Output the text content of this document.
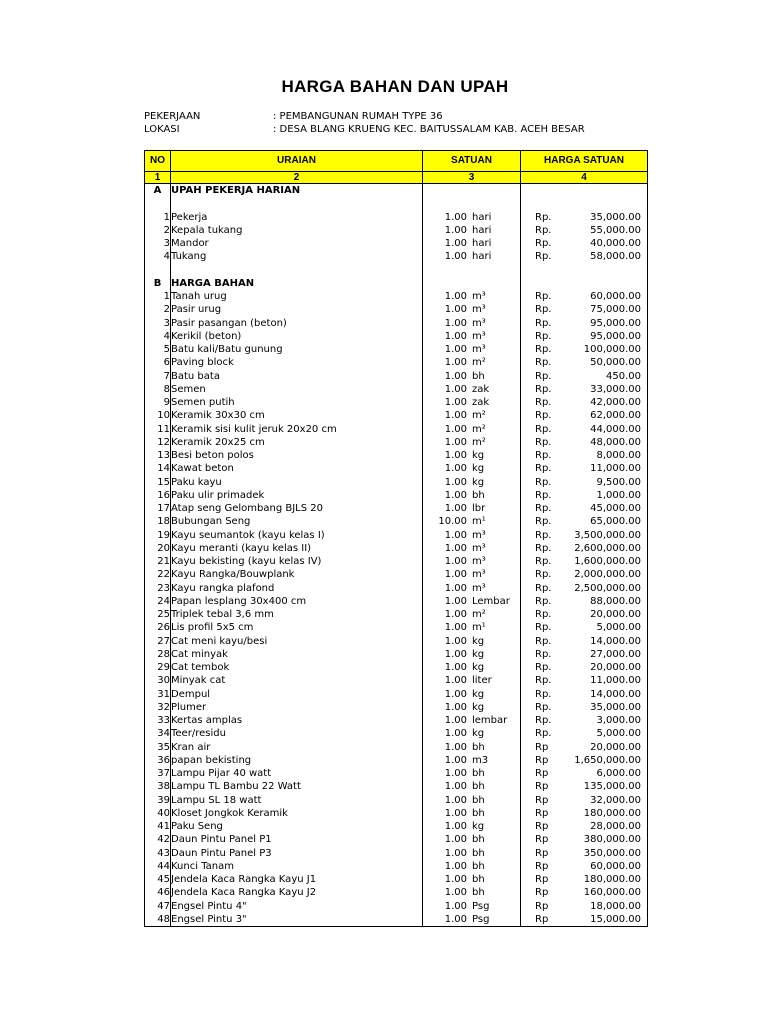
HARGA BAHAN DAN UPAH
PEKERJAAN	: PEMBANGUNAN RUMAH TYPE 36
LOKASI	: DESA BLANG KRUENG KEC. BAITUSSALAM KAB. ACEH BESAR
NO	URAIAN	SATUAN	HARGA SATUAN
1	2	3	4
A	UPAH PEKERJA HARIAN		

1	Pekerja	1.00 hari	Rp. 35,000.00
2	Kepala tukang	1.00 hari	Rp. 55,000.00
3	Mandor	1.00 hari	Rp. 40,000.00
4	Tukang	1.00 hari	Rp. 58,000.00

B	HARGA BAHAN		
1	Tanah urug	1.00 m³	Rp. 60,000.00
2	Pasir urug	1.00 m³	Rp. 75,000.00
3	Pasir pasangan (beton)	1.00 m³	Rp. 95,000.00
4	Kerikil (beton)	1.00 m³	Rp. 95,000.00
5	Batu kali/Batu gunung	1.00 m³	Rp. 100,000.00
6	Paving block	1.00 m²	Rp. 50,000.00
7	Batu bata	1.00 bh	Rp. 450.00
8	Semen	1.00 zak	Rp. 33,000.00
9	Semen putih	1.00 zak	Rp. 42,000.00
10	Keramik 30x30 cm	1.00 m²	Rp. 62,000.00
11	Keramik sisi kulit jeruk 20x20 cm	1.00 m²	Rp. 44,000.00
12	Keramik 20x25 cm	1.00 m²	Rp. 48,000.00
13	Besi beton polos	1.00 kg	Rp. 8,000.00
14	Kawat beton	1.00 kg	Rp. 11,000.00
15	Paku kayu	1.00 kg	Rp. 9,500.00
16	Paku ulir primadek	1.00 bh	Rp. 1,000.00
17	Atap seng Gelombang BJLS 20	1.00 lbr	Rp. 45,000.00
18	Bubungan Seng	10.00 m¹	Rp. 65,000.00
19	Kayu seumantok (kayu kelas I)	1.00 m³	Rp. 3,500,000.00
20	Kayu meranti (kayu kelas II)	1.00 m³	Rp. 2,600,000.00
21	Kayu bekisting (kayu kelas IV)	1.00 m³	Rp. 1,600,000.00
22	Kayu Rangka/Bouwplank	1.00 m³	Rp. 2,000,000.00
23	Kayu rangka plafond	1.00 m³	Rp. 2,500,000.00
24	Papan lesplang 30x400 cm	1.00 Lembar	Rp. 88,000.00
25	Triplek tebal 3,6 mm	1.00 m²	Rp. 20,000.00
26	Lis profil 5x5 cm	1.00 m¹	Rp. 5,000.00
27	Cat meni kayu/besi	1.00 kg	Rp. 14,000.00
28	Cat minyak	1.00 kg	Rp. 27,000.00
29	Cat tembok	1.00 kg	Rp. 20,000.00
30	Minyak cat	1.00 liter	Rp. 11,000.00
31	Dempul	1.00 kg	Rp. 14,000.00
32	Plumer	1.00 kg	Rp. 35,000.00
33	Kertas amplas	1.00 lembar	Rp. 3,000.00
34	Teer/residu	1.00 kg	Rp. 5,000.00
35	Kran air	1.00 bh	Rp 20,000.00
36	papan bekisting	1.00 m3	Rp 1,650,000.00
37	Lampu Pijar 40 watt	1.00 bh	Rp 6,000.00
38	Lampu TL Bambu 22 Watt	1.00 bh	Rp 135,000.00
39	Lampu SL 18 watt	1.00 bh	Rp 32,000.00
40	Kloset Jongkok Keramik	1.00 bh	Rp 180,000.00
41	Paku Seng	1.00 kg	Rp 28,000.00
42	Daun Pintu Panel P1	1.00 bh	Rp 380,000.00
43	Daun Pintu Panel P3	1.00 bh	Rp 350,000.00
44	Kunci Tanam	1.00 bh	Rp 60,000.00
45	Jendela Kaca Rangka Kayu J1	1.00 bh	Rp 180,000.00
46	Jendela Kaca Rangka Kayu J2	1.00 bh	Rp 160,000.00
47	Engsel Pintu 4"	1.00 Psg	Rp 18,000.00
48	Engsel Pintu 3"	1.00 Psg	Rp 15,000.00
